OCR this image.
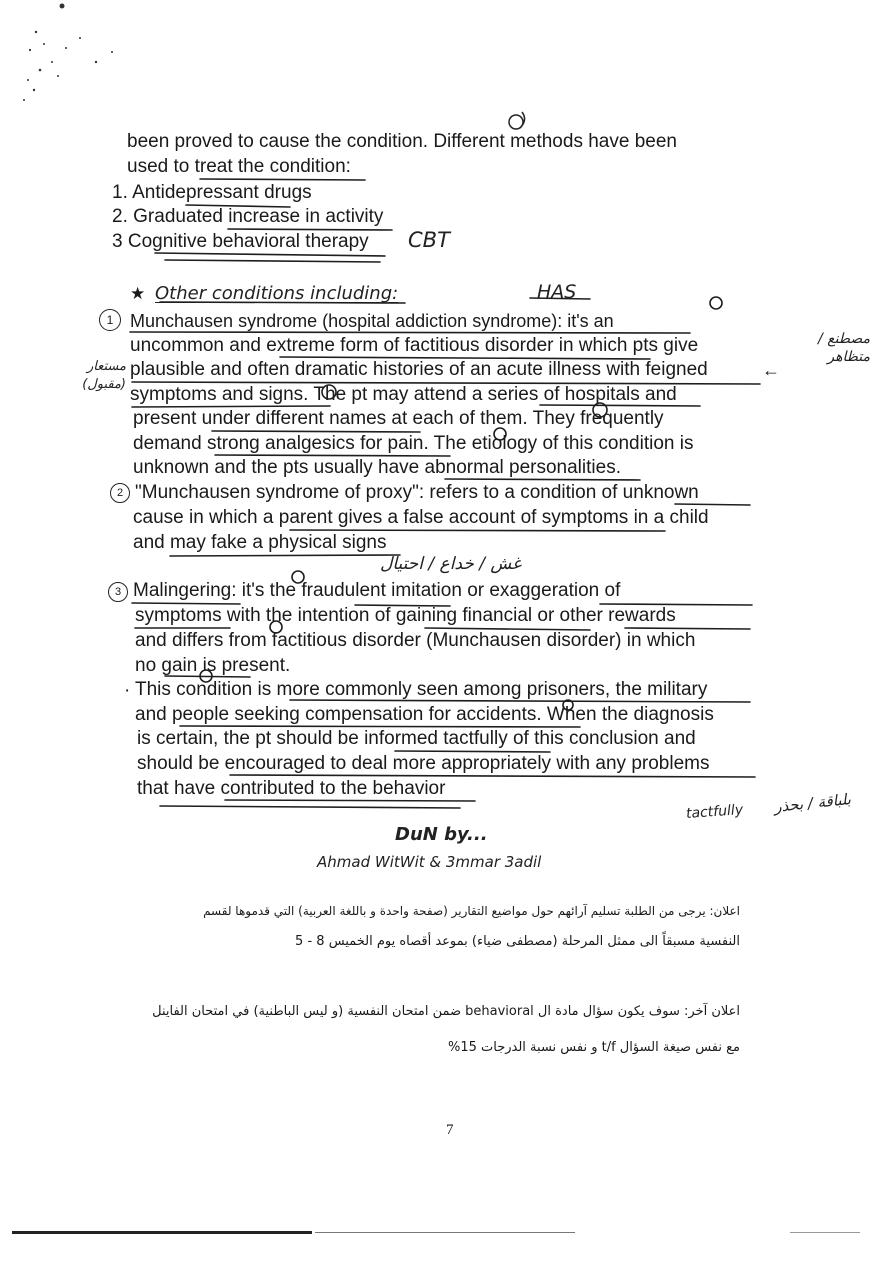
been proved to cause the condition. Different methods have been
used to treat the condition:
1. Antidepressant drugs
2. Graduated increase in activity
3 Cognitive behavioral therapy CBT
★ Other conditions including:	HAS
1 Munchausen syndrome (hospital addiction syndrome): it's an
uncommon and extreme form of factitious disorder in which pts give
plausible and often dramatic histories of an acute illness with feigned
symptoms and signs. The pt may attend a series of hospitals and
present under different names at each of them. They frequently
demand strong analgesics for pain. The etiology of this condition is
unknown and the pts usually have abnormal personalities.
2 "Munchausen syndrome of proxy": refers to a condition of unknown
cause in which a parent gives a false account of symptoms in a child
and may fake a physical signs
غش / خداع / احتيال
3 Malingering: it's the fraudulent imitation or exaggeration of
symptoms with the intention of gaining financial or other rewards
and differs from factitious disorder (Munchausen disorder) in which
no gain is present.
· This condition is more commonly seen among prisoners, the military
and people seeking compensation for accidents. When the diagnosis
is certain, the pt should be informed tactfully of this conclusion and
should be encouraged to deal more appropriately with any problems
that have contributed to the behavior
مصطنع / متظاهر
مستعار (مقبول)
←
tactfully بلباقة / بحذر
DuN by...
Ahmad WitWit & 3mmar 3adil
اعلان: يرجى من الطلبة تسليم آرائهم حول مواضيع التقارير (صفحة واحدة و باللغة العربية) التي قدموها لقسم
النفسية مسبقاً الى ممثل المرحلة (مصطفى ضياء) بموعد أقصاه يوم الخميس 8 - 5
اعلان آخر: سوف يكون سؤال مادة ال behavioral ضمن امتحان النفسية (و ليس الباطنية) في امتحان الفاينل
مع نفس صيغة السؤال t/f و نفس نسبة الدرجات 15%
7
